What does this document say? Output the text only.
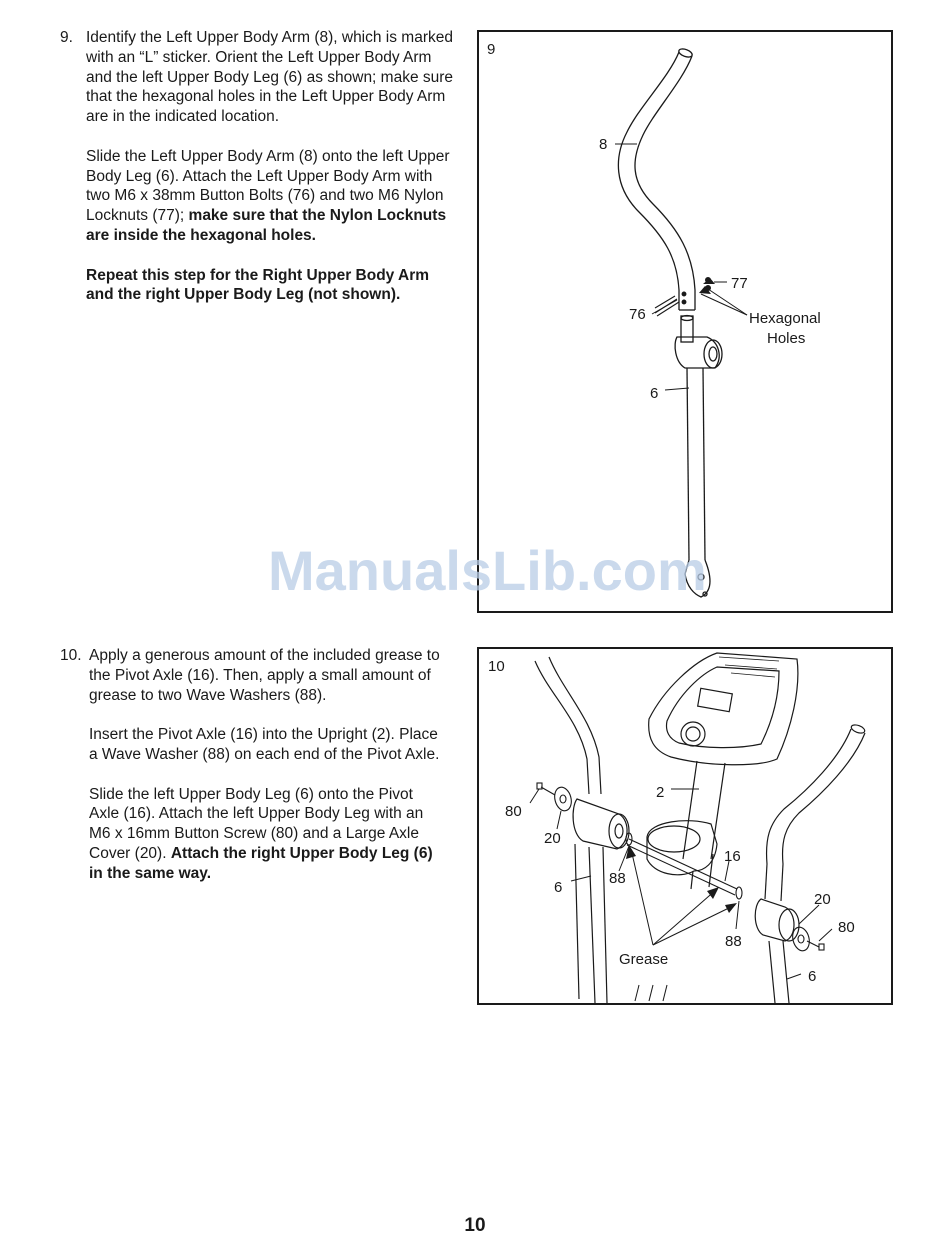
9. Identify the Left Upper Body Arm (8), which is marked with an “L” sticker. Orient the Left Upper Body Arm and the left Upper Body Leg (6) as shown; make sure that the hexagonal holes in the Left Upper Body Arm are in the indicated location.

Slide the Left Upper Body Arm (8) onto the left Upper Body Leg (6). Attach the Left Upper Body Arm with two M6 x 38mm Button Bolts (76) and two M6 Nylon Locknuts (77); make sure that the Nylon Locknuts are inside the hexagonal holes.

Repeat this step for the Right Upper Body Arm and the right Upper Body Leg (not shown).

9
8
77
76	Hexagonal
Holes
6
10. Apply a generous amount of the included grease to the Pivot Axle (16). Then, apply a small amount of grease to two Wave Washers (88).

Insert the Pivot Axle (16) into the Upright (2). Place a Wave Washer (88) on each end of the Pivot Axle.

Slide the left Upper Body Leg (6) onto the Pivot Axle (16). Attach the left Upper Body Leg with an M6 x 16mm Button Screw (80) and a Large Axle Cover (20). Attach the right Upper Body Leg (6) in the same way.

10
80
20
6
88
2
16
20
80
88
Grease
6
ManualsLib.com
10
